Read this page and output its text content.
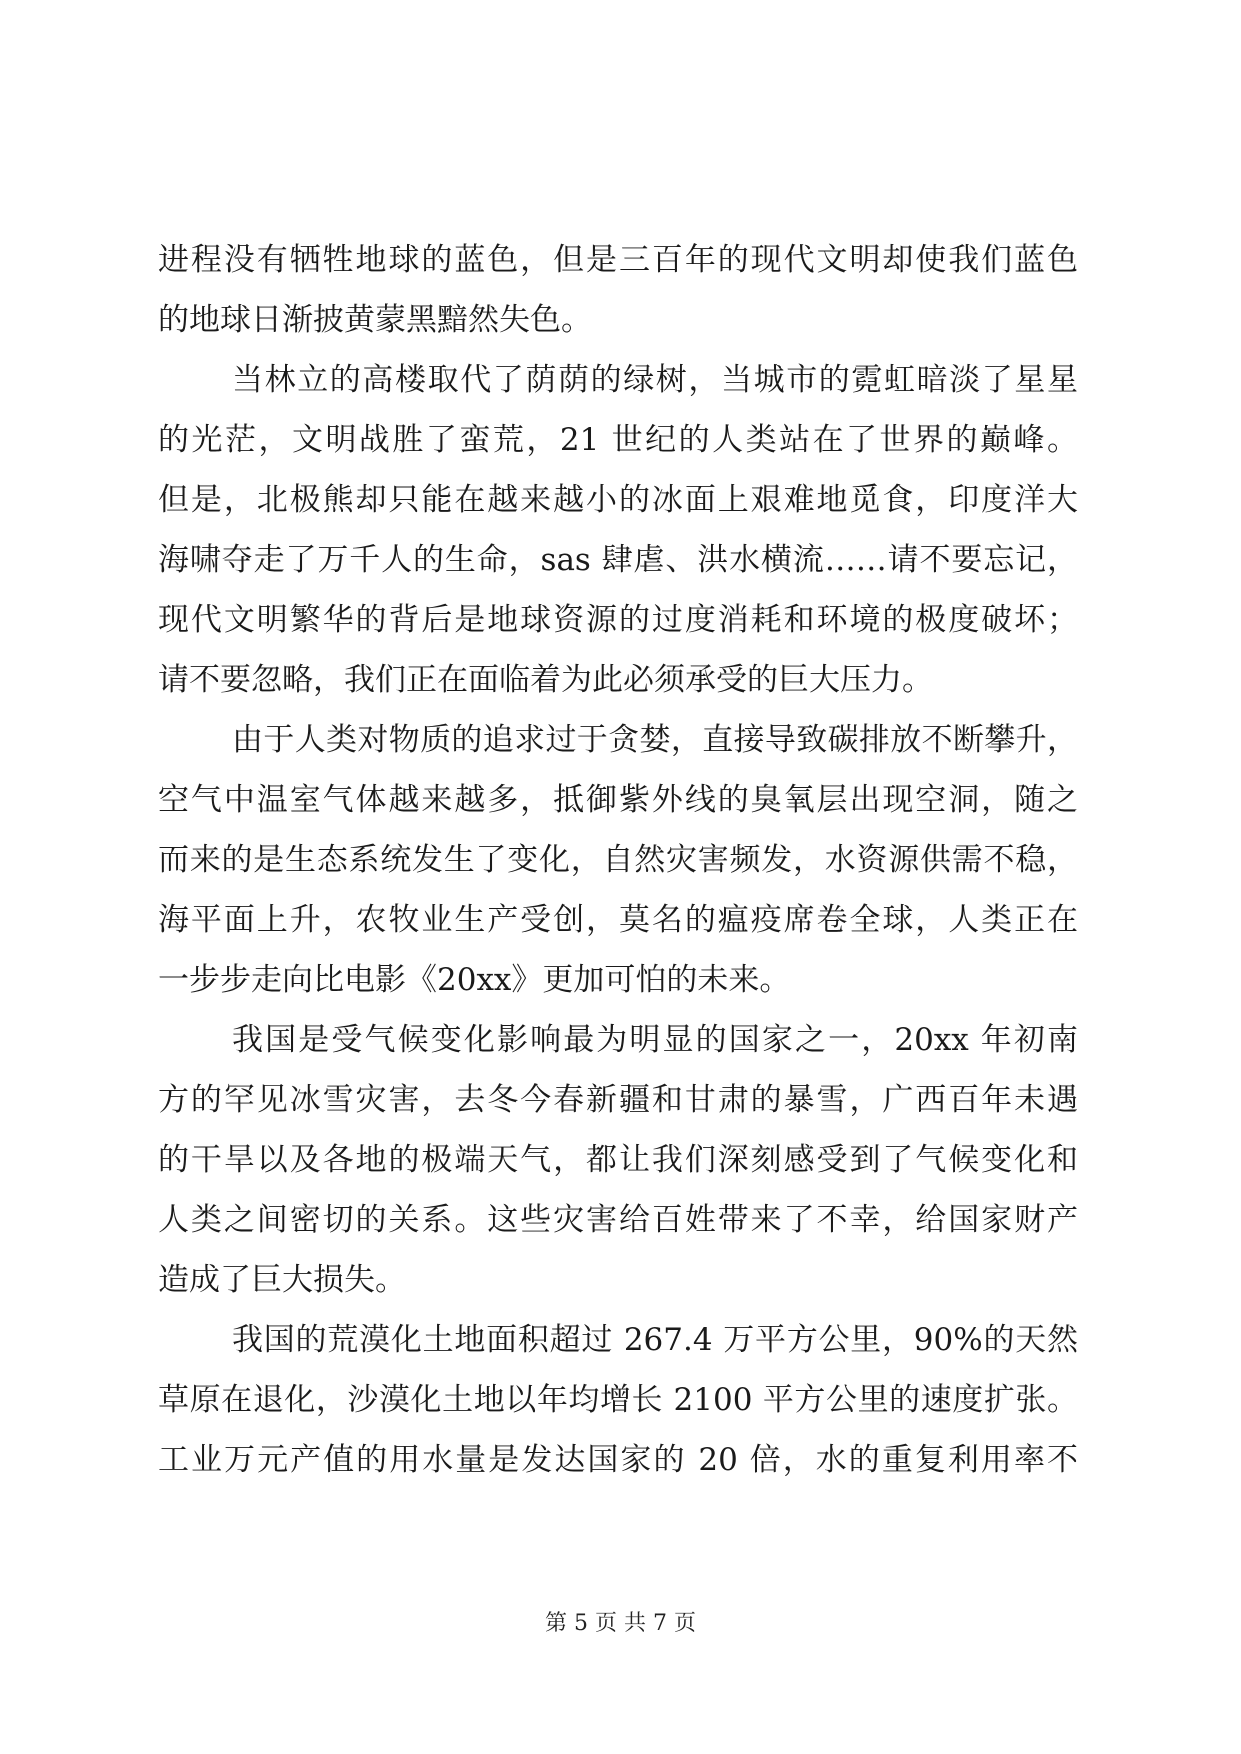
进程没有牺牲地球的蓝色，但是三百年的现代文明却使我们蓝色
的地球日渐披黄蒙黑黯然失色。
当林立的高楼取代了荫荫的绿树，当城市的霓虹暗淡了星星
的光茫，文明战胜了蛮荒，21 世纪的人类站在了世界的巅峰。
但是，北极熊却只能在越来越小的冰面上艰难地觅食，印度洋大
海啸夺走了万千人的生命，sas 肆虐、洪水横流……请不要忘记，
现代文明繁华的背后是地球资源的过度消耗和环境的极度破坏；
请不要忽略，我们正在面临着为此必须承受的巨大压力。
由于人类对物质的追求过于贪婪，直接导致碳排放不断攀升，
空气中温室气体越来越多，抵御紫外线的臭氧层出现空洞，随之
而来的是生态系统发生了变化，自然灾害频发，水资源供需不稳，
海平面上升，农牧业生产受创，莫名的瘟疫席卷全球，人类正在
一步步走向比电影《20xx》更加可怕的未来。
我国是受气候变化影响最为明显的国家之一，20xx 年初南
方的罕见冰雪灾害，去冬今春新疆和甘肃的暴雪，广西百年未遇
的干旱以及各地的极端天气，都让我们深刻感受到了气候变化和
人类之间密切的关系。这些灾害给百姓带来了不幸，给国家财产
造成了巨大损失。
我国的荒漠化土地面积超过 267.4 万平方公里，90%的天然
草原在退化，沙漠化土地以年均增长 2100 平方公里的速度扩张。
工业万元产值的用水量是发达国家的 20 倍，水的重复利用率不
第 5 页 共 7 页
